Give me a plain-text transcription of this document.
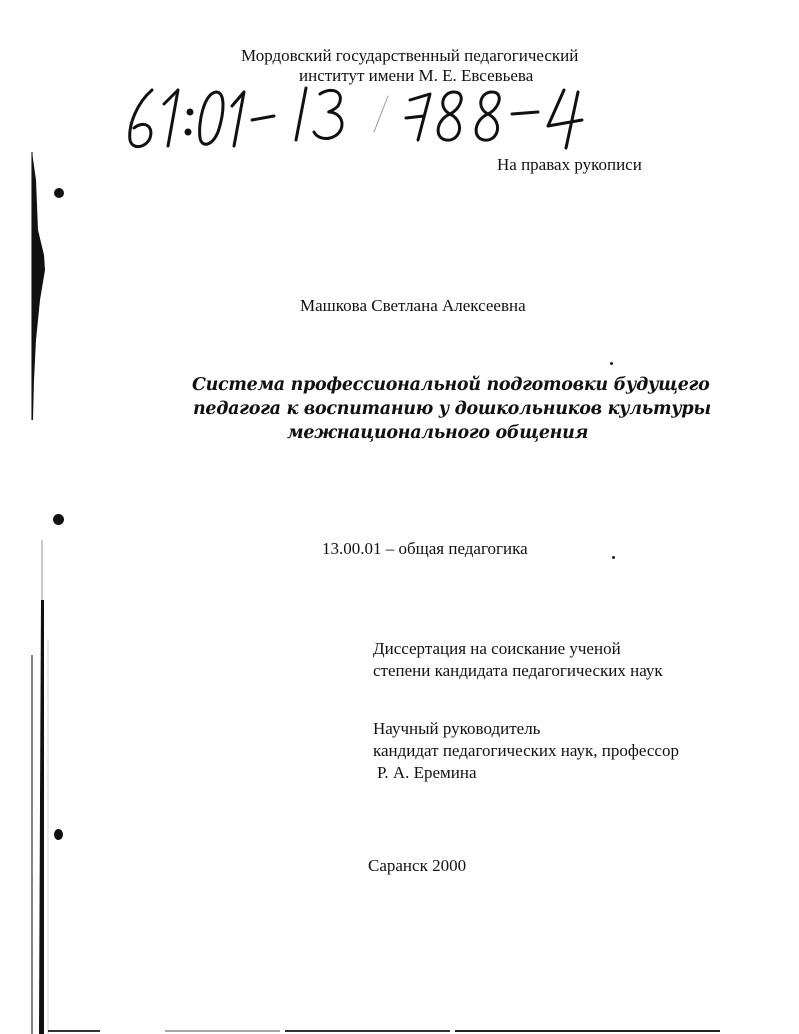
Мордовский государственный педагогический
институт имени М. Е. Евсевьева
На правах рукописи
Машкова Светлана Алексеевна
Система профессиональной подготовки будущего
педагога к воспитанию у дошкольников культуры
межнационального общения
13.00.01 – общая педагогика
Диссертация на соискание ученой
степени кандидата педагогических наук
Научный руководитель
кандидат педагогических наук, профессор
Р. А. Еремина
Саранск 2000
